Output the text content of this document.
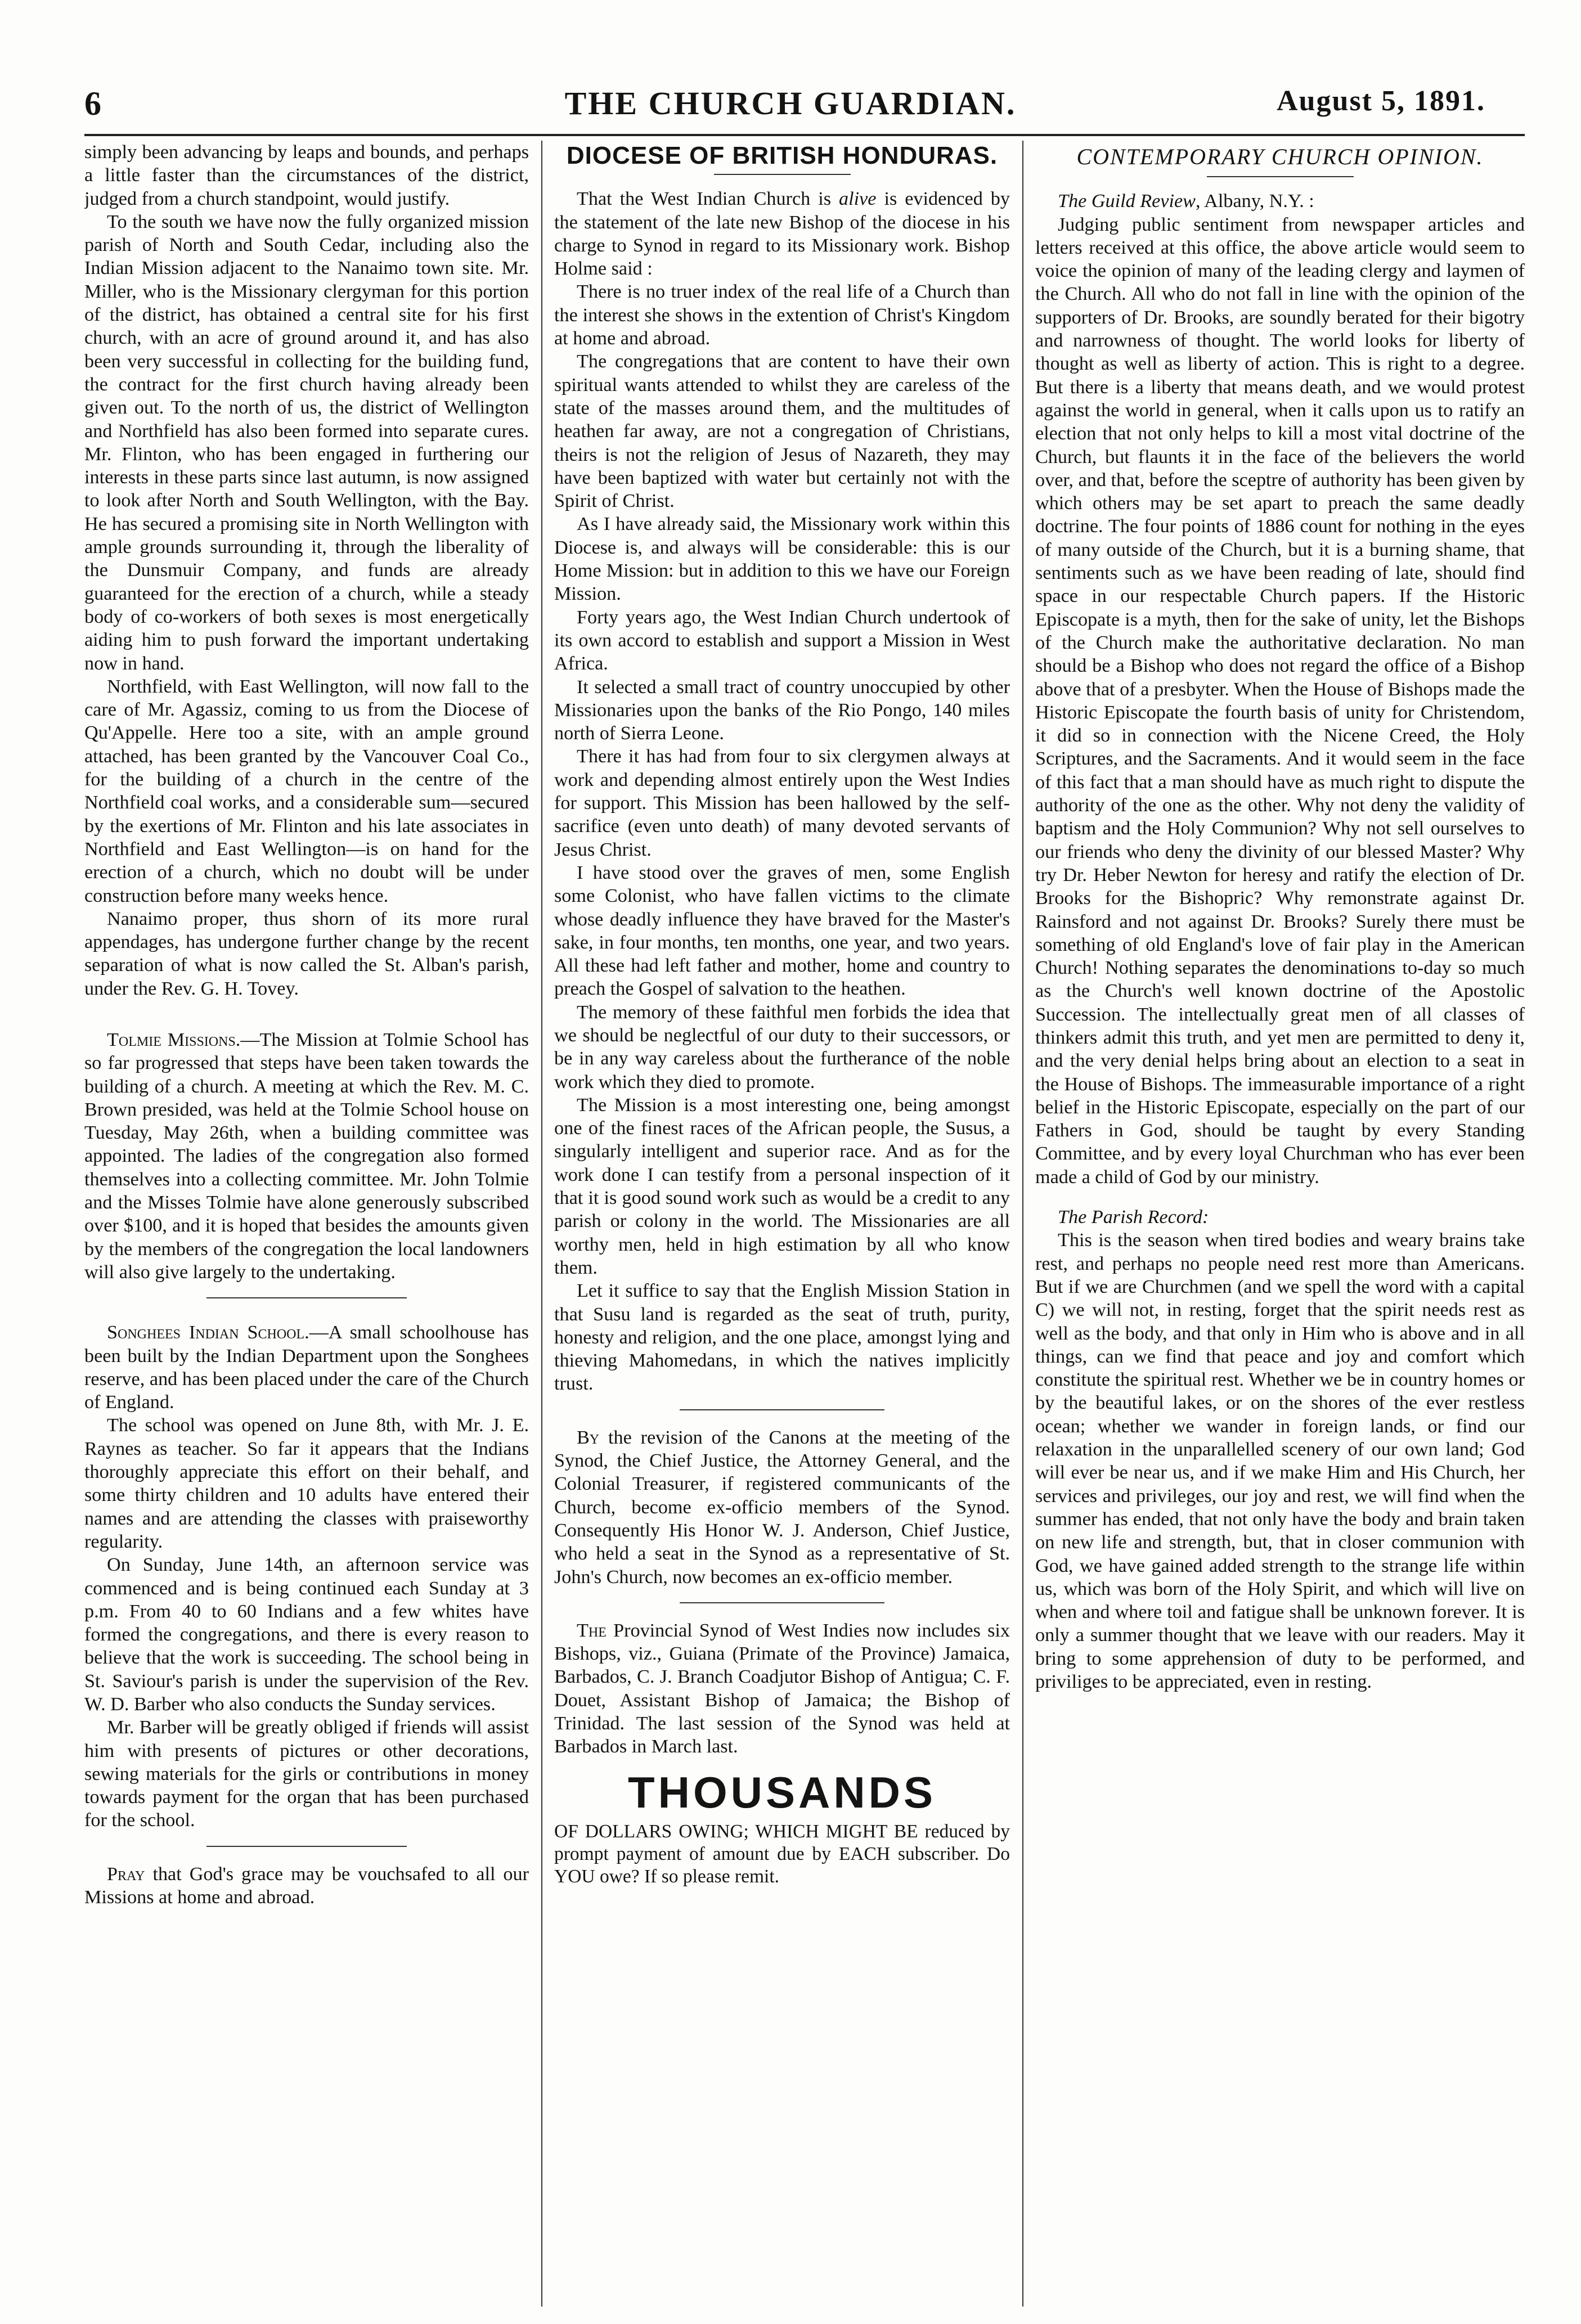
6	THE CHURCH GUARDIAN.	August 5, 1891.

simply been advancing by leaps and bounds, and perhaps a little faster than the circumstances of the district, judged from a church standpoint, would justify.

To the south we have now the fully organized mission parish of North and South Cedar, including also the Indian Mission adjacent to the Nanaimo town site. Mr. Miller, who is the Missionary clergyman for this portion of the district, has obtained a central site for his first church, with an acre of ground around it, and has also been very successful in collecting for the building fund, the contract for the first church having already been given out. To the north of us, the district of Wellington and Northfield has also been formed into separate cures. Mr. Flinton, who has been engaged in furthering our interests in these parts since last autumn, is now assigned to look after North and South Wellington, with the Bay. He has secured a promising site in North Wellington with ample grounds surrounding it, through the liberality of the Dunsmuir Company, and funds are already guaranteed for the erection of a church, while a steady body of co-workers of both sexes is most energetically aiding him to push forward the important undertaking now in hand.

Northfield, with East Wellington, will now fall to the care of Mr. Agassiz, coming to us from the Diocese of Qu'Appelle. Here too a site, with an ample ground attached, has been granted by the Vancouver Coal Co., for the building of a church in the centre of the Northfield coal works, and a considerable sum—secured by the exertions of Mr. Flinton and his late associates in Northfield and East Wellington—is on hand for the erection of a church, which no doubt will be under construction before many weeks hence.

Nanaimo proper, thus shorn of its more rural appendages, has undergone further change by the recent separation of what is now called the St. Alban's parish, under the Rev. G. H. Tovey.

Tolmie Missions.—The Mission at Tolmie School has so far progressed that steps have been taken towards the building of a church. A meeting at which the Rev. M. C. Brown presided, was held at the Tolmie School house on Tuesday, May 26th, when a building committee was appointed. The ladies of the congregation also formed themselves into a collecting committee. Mr. John Tolmie and the Misses Tolmie have alone generously subscribed over $100, and it is hoped that besides the amounts given by the members of the congregation the local landowners will also give largely to the undertaking.

Songhees Indian School.—A small schoolhouse has been built by the Indian Department upon the Songhees reserve, and has been placed under the care of the Church of England.

The school was opened on June 8th, with Mr. J. E. Raynes as teacher. So far it appears that the Indians thoroughly appreciate this effort on their behalf, and some thirty children and 10 adults have entered their names and are attending the classes with praiseworthy regularity.

On Sunday, June 14th, an afternoon service was commenced and is being continued each Sunday at 3 p.m. From 40 to 60 Indians and a few whites have formed the congregations, and there is every reason to believe that the work is succeeding. The school being in St. Saviour's parish is under the supervision of the Rev. W. D. Barber who also conducts the Sunday services.

Mr. Barber will be greatly obliged if friends will assist him with presents of pictures or other decorations, sewing materials for the girls or contributions in money towards payment for the organ that has been purchased for the school.

Pray that God's grace may be vouchsafed to all our Missions at home and abroad.

DIOCESE OF BRITISH HONDURAS.

That the West Indian Church is alive is evidenced by the statement of the late new Bishop of the diocese in his charge to Synod in regard to its Missionary work. Bishop Holme said :

There is no truer index of the real life of a Church than the interest she shows in the extention of Christ's Kingdom at home and abroad.

The congregations that are content to have their own spiritual wants attended to whilst they are careless of the state of the masses around them, and the multitudes of heathen far away, are not a congregation of Christians, theirs is not the religion of Jesus of Nazareth, they may have been baptized with water but certainly not with the Spirit of Christ.

As I have already said, the Missionary work within this Diocese is, and always will be considerable: this is our Home Mission: but in addition to this we have our Foreign Mission.

Forty years ago, the West Indian Church undertook of its own accord to establish and support a Mission in West Africa.

It selected a small tract of country unoccupied by other Missionaries upon the banks of the Rio Pongo, 140 miles north of Sierra Leone.

There it has had from four to six clergymen always at work and depending almost entirely upon the West Indies for support. This Mission has been hallowed by the self-sacrifice (even unto death) of many devoted servants of Jesus Christ.

I have stood over the graves of men, some English some Colonist, who have fallen victims to the climate whose deadly influence they have braved for the Master's sake, in four months, ten months, one year, and two years. All these had left father and mother, home and country to preach the Gospel of salvation to the heathen.

The memory of these faithful men forbids the idea that we should be neglectful of our duty to their successors, or be in any way careless about the furtherance of the noble work which they died to promote.

The Mission is a most interesting one, being amongst one of the finest races of the African people, the Susus, a singularly intelligent and superior race. And as for the work done I can testify from a personal inspection of it that it is good sound work such as would be a credit to any parish or colony in the world. The Missionaries are all worthy men, held in high estimation by all who know them.

Let it suffice to say that the English Mission Station in that Susu land is regarded as the seat of truth, purity, honesty and religion, and the one place, amongst lying and thieving Mahomedans, in which the natives implicitly trust.

By the revision of the Canons at the meeting of the Synod, the Chief Justice, the Attorney General, and the Colonial Treasurer, if registered communicants of the Church, become ex-officio members of the Synod. Consequently His Honor W. J. Anderson, Chief Justice, who held a seat in the Synod as a representative of St. John's Church, now becomes an ex-officio member.

The Provincial Synod of West Indies now includes six Bishops, viz., Guiana (Primate of the Province) Jamaica, Barbados, C. J. Branch Coadjutor Bishop of Antigua; C. F. Douet, Assistant Bishop of Jamaica; the Bishop of Trinidad. The last session of the Synod was held at Barbados in March last.

THOUSANDS

OF DOLLARS OWING; WHICH MIGHT BE reduced by prompt payment of amount due by EACH subscriber. Do YOU owe? If so please remit.

CONTEMPORARY CHURCH OPINION.

The Guild Review, Albany, N.Y. :

Judging public sentiment from newspaper articles and letters received at this office, the above article would seem to voice the opinion of many of the leading clergy and laymen of the Church. All who do not fall in line with the opinion of the supporters of Dr. Brooks, are soundly berated for their bigotry and narrowness of thought. The world looks for liberty of thought as well as liberty of action. This is right to a degree. But there is a liberty that means death, and we would protest against the world in general, when it calls upon us to ratify an election that not only helps to kill a most vital doctrine of the Church, but flaunts it in the face of the believers the world over, and that, before the sceptre of authority has been given by which others may be set apart to preach the same deadly doctrine. The four points of 1886 count for nothing in the eyes of many outside of the Church, but it is a burning shame, that sentiments such as we have been reading of late, should find space in our respectable Church papers. If the Historic Episcopate is a myth, then for the sake of unity, let the Bishops of the Church make the authoritative declaration. No man should be a Bishop who does not regard the office of a Bishop above that of a presbyter. When the House of Bishops made the Historic Episcopate the fourth basis of unity for Christendom, it did so in connection with the Nicene Creed, the Holy Scriptures, and the Sacraments. And it would seem in the face of this fact that a man should have as much right to dispute the authority of the one as the other. Why not deny the validity of baptism and the Holy Communion? Why not sell ourselves to our friends who deny the divinity of our blessed Master? Why try Dr. Heber Newton for heresy and ratify the election of Dr. Brooks for the Bishopric? Why remonstrate against Dr. Rainsford and not against Dr. Brooks? Surely there must be something of old England's love of fair play in the American Church! Nothing separates the denominations to-day so much as the Church's well known doctrine of the Apostolic Succession. The intellectually great men of all classes of thinkers admit this truth, and yet men are permitted to deny it, and the very denial helps bring about an election to a seat in the House of Bishops. The immeasurable importance of a right belief in the Historic Episcopate, especially on the part of our Fathers in God, should be taught by every Standing Committee, and by every loyal Churchman who has ever been made a child of God by our ministry.

The Parish Record:

This is the season when tired bodies and weary brains take rest, and perhaps no people need rest more than Americans. But if we are Churchmen (and we spell the word with a capital C) we will not, in resting, forget that the spirit needs rest as well as the body, and that only in Him who is above and in all things, can we find that peace and joy and comfort which constitute the spiritual rest. Whether we be in country homes or by the beautiful lakes, or on the shores of the ever restless ocean; whether we wander in foreign lands, or find our relaxation in the unparallelled scenery of our own land; God will ever be near us, and if we make Him and His Church, her services and privileges, our joy and rest, we will find when the summer has ended, that not only have the body and brain taken on new life and strength, but, that in closer communion with God, we have gained added strength to the strange life within us, which was born of the Holy Spirit, and which will live on when and where toil and fatigue shall be unknown forever. It is only a summer thought that we leave with our readers. May it bring to some apprehension of duty to be performed, and priviliges to be appreciated, even in resting.
